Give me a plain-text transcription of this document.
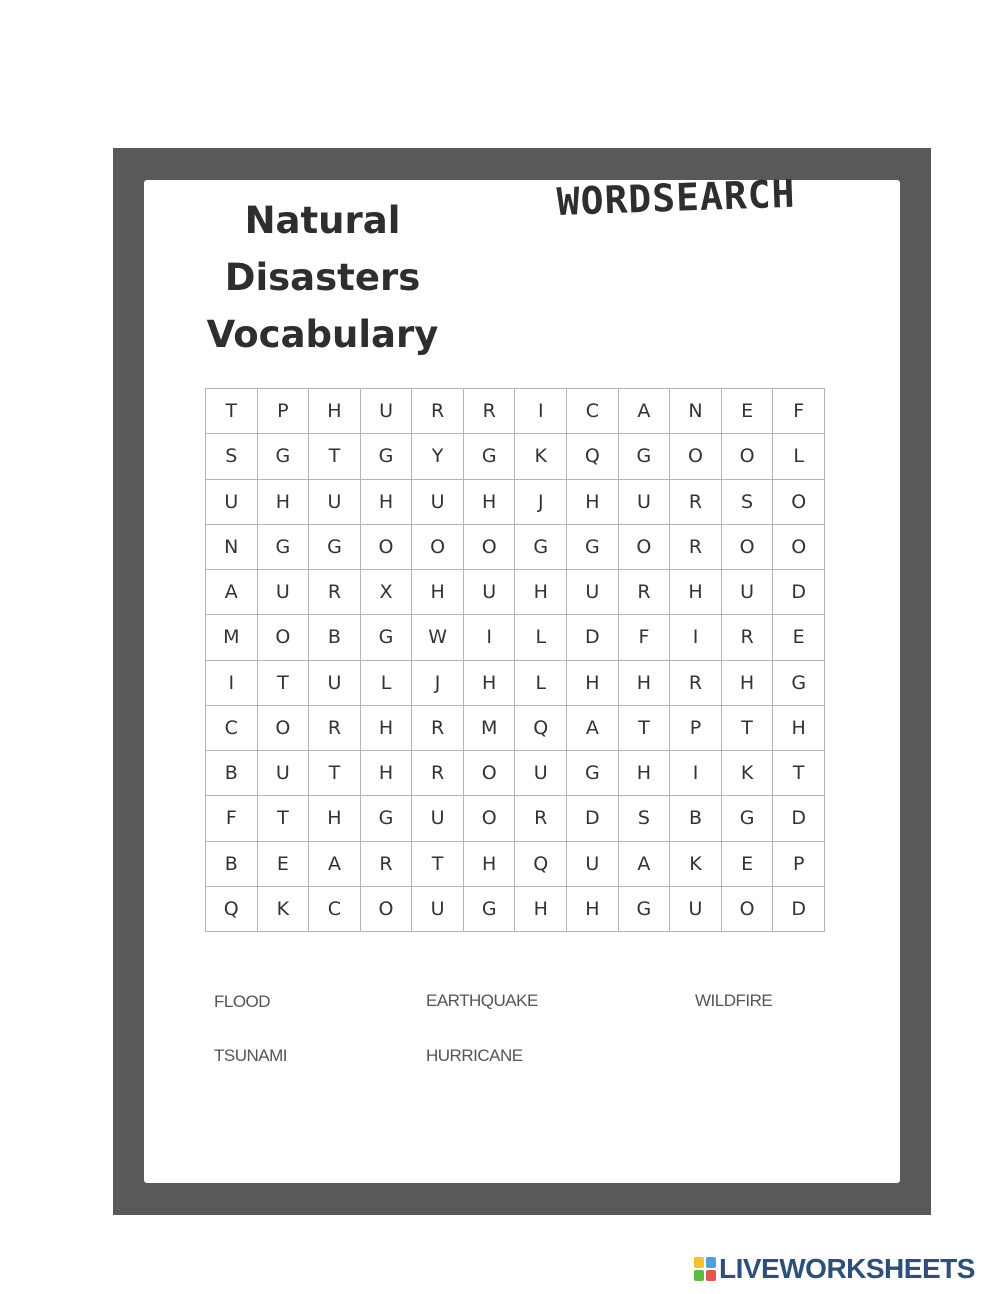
Natural
Disasters
Vocabulary
WORDSEARCH
T	P	H	U	R	R	I	C	A	N	E	F
S	G	T	G	Y	G	K	Q	G	O	O	L
U	H	U	H	U	H	J	H	U	R	S	O
N	G	G	O	O	O	G	G	O	R	O	O
A	U	R	X	H	U	H	U	R	H	U	D
M	O	B	G	W	I	L	D	F	I	R	E
I	T	U	L	J	H	L	H	H	R	H	G
C	O	R	H	R	M	Q	A	T	P	T	H
B	U	T	H	R	O	U	G	H	I	K	T
F	T	H	G	U	O	R	D	S	B	G	D
B	E	A	R	T	H	Q	U	A	K	E	P
Q	K	C	O	U	G	H	H	G	U	O	D
FLOOD	EARTHQUAKE	WILDFIRE
TSUNAMI	HURRICANE
LIVEWORKSHEETS
